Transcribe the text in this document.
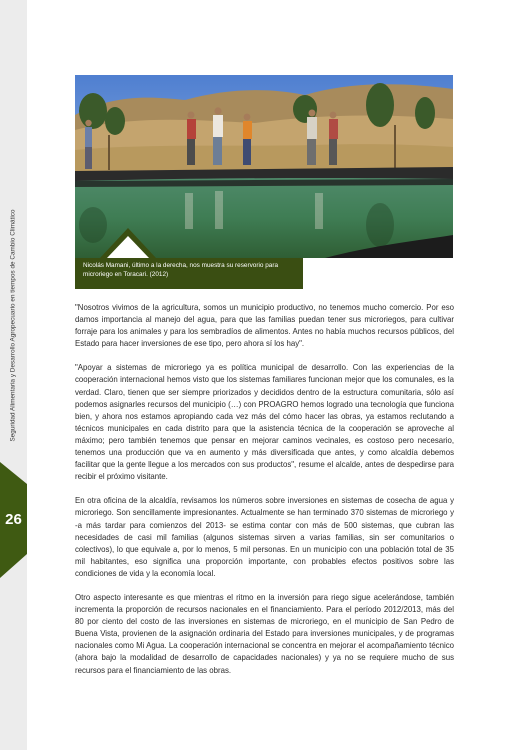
Seguridad Alimentaria y Desarrollo Agropecuario en tiempos de Cambio Climático
26
Nicolás Mamani, último a la derecha, nos muestra su reservorio para microriego en Toracari. (2012)

"Nosotros vivimos de la agricultura, somos un municipio productivo, no tenemos mucho comercio. Por eso damos importancia al manejo del agua, para que las familias puedan tener sus microriegos, para cultivar forraje para los animales y para los sembradíos de alimentos. Antes no había muchos recursos públicos, del Estado para hacer inversiones de ese tipo, pero ahora sí los hay".

"Apoyar a sistemas de microriego ya es política municipal de desarrollo. Con las experiencias de la cooperación internacional hemos visto que los sistemas familiares funcionan mejor que los comunales, es la verdad. Claro, tienen que ser siempre priorizados y decididos dentro de la estructura comunitaria, sólo así podemos asignarles recursos del municipio (…) con PROAGRO hemos logrado una tecnología que funciona bien, y ahora nos estamos apropiando cada vez más del cómo hacer las obras, ya estamos reclutando a técnicos municipales en cada distrito para que la asistencia técnica de la cooperación se aproveche al máximo; pero también tenemos que pensar en mejorar caminos vecinales, es costoso pero necesario, tenemos una producción que va en aumento y más diversificada que antes, y como alcaldía debemos facilitar que la gente llegue a los mercados con sus productos", resume el alcalde, antes de despedirse para recibir el próximo visitante.

En otra oficina de la alcaldía, revisamos los números sobre inversiones en sistemas de cosecha de agua y microriego. Son sencillamente impresionantes. Actualmente se han terminado 370 sistemas de microriego y -a más tardar para comienzos del 2013- se estima contar con más de 500 sistemas, que cubran las necesidades de casi mil familias (algunos sistemas sirven a varias familias, sin ser comunitarios o colectivos), lo que equivale a, por lo menos, 5 mil personas. En un municipio con una población total de 35 mil habitantes, eso significa una proporción importante, con probables efectos positivos sobre las condiciones de vida y la economía local.

Otro aspecto interesante es que mientras el ritmo en la inversión para riego sigue acelerándose, también incrementa la proporción de recursos nacionales en el financiamiento. Para el período 2012/2013, más del 80 por ciento del costo de las inversiones en sistemas de microriego, en el municipio de San Pedro de Buena Vista, provienen de la asignación ordinaria del Estado para inversiones municipales, y de programas nacionales como Mi Agua. La cooperación internacional se concentra en mejorar el acompañamiento técnico (ahora bajo la modalidad de desarrollo de capacidades nacionales) y ya no se requiere mucho de sus recursos para el financiamiento de las obras.
